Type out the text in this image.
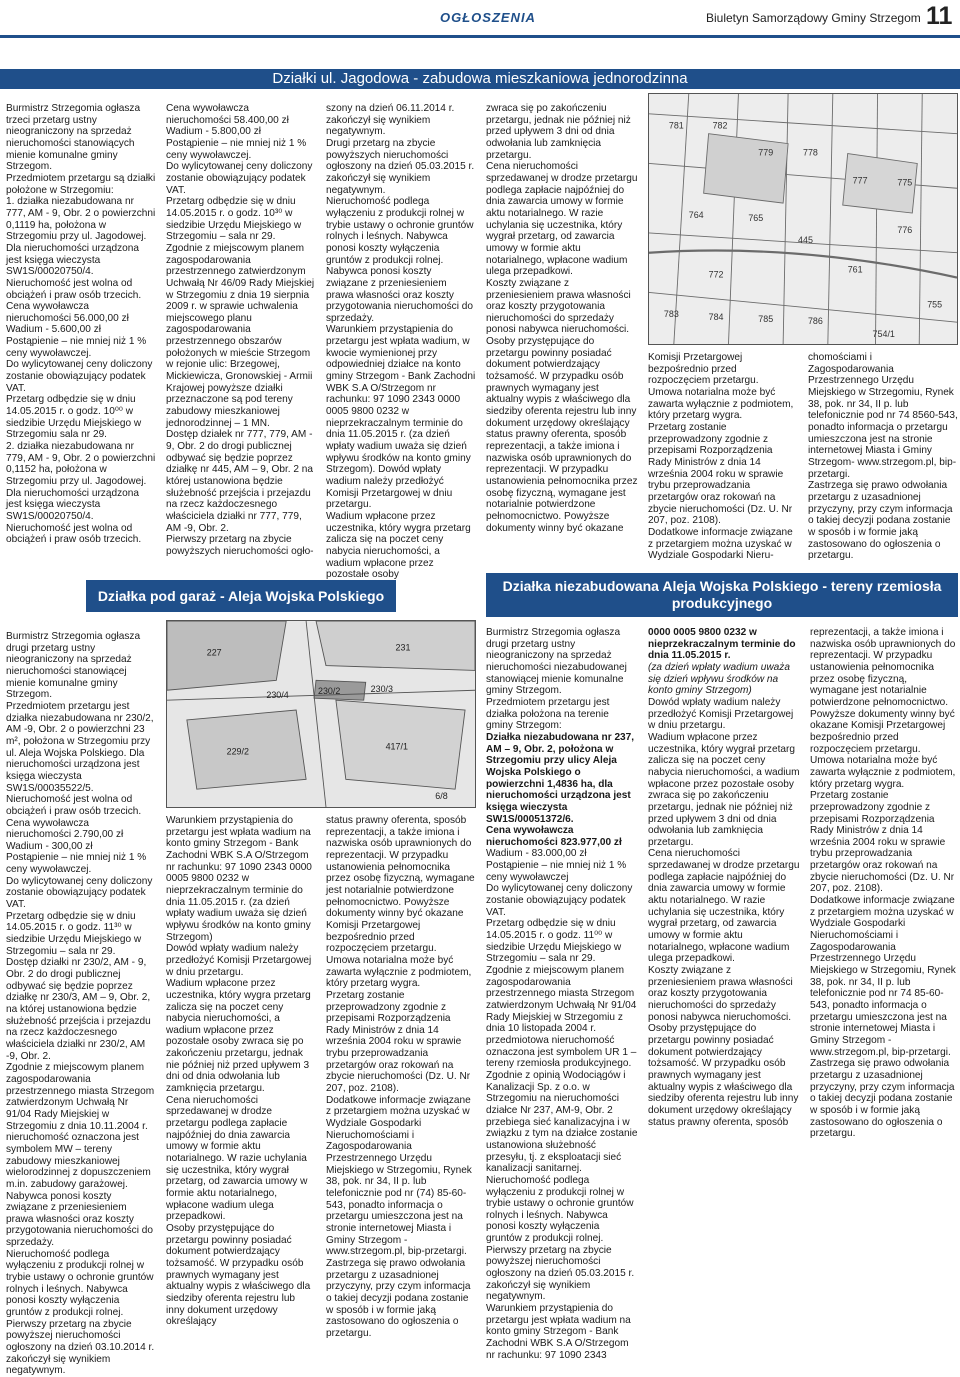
OGŁOSZENIA	Biuletyn Samorządowy Gminy Strzegom 11
Działki ul. Jagodowa - zabudowa mieszkaniowa jednorodzinna

Burmistrz Strzegomia ogłasza trzeci przetarg ustny nieograniczony na sprzedaż nieruchomości stanowiących mienie komunalne gminy Strzegom.

Przedmiotem przetargu są działki położone w Strzegomiu:

1. działka niezabudowana nr 777, AM - 9, Obr. 2 o powierzchni 0,1119 ha, położona w Strzegomiu przy ul. Jagodowej. Dla nieruchomości urządzona jest księga wieczysta SW1S/00020750/4. Nieruchomość jest wolna od obciążeń i praw osób trzecich.

Cena wywoławcza nieruchomości 56.000,00 zł

Wadium - 5.600,00 zł

Postąpienie – nie mniej niż 1 % ceny wywoławczej.

Do wylicytowanej ceny doliczony zostanie obowiązujący podatek VAT.

Przetarg odbędzie się w dniu 14.05.2015 r. o godz. 10⁰⁰ w siedzibie Urzędu Miejskiego w Strzegomiu sala nr 29.

2. działka niezabudowana nr 779, AM - 9, Obr. 2 o powierzchni 0,1152 ha, położona w Strzegomiu przy ul. Jagodowej. Dla nieruchomości urządzona jest księga wieczysta SW1S/00020750/4. Nieruchomość jest wolna od obciążeń i praw osób trzecich.

Cena wywoławcza nieruchomości 58.400,00 zł

Wadium - 5.800,00 zł

Postąpienie – nie mniej niż 1 % ceny wywoławczej.

Do wylicytowanej ceny doliczony zostanie obowiązujący podatek VAT.

Przetarg odbędzie się w dniu 14.05.2015 r. o godz. 10³⁰ w siedzibie Urzędu Miejskiego w Strzegomiu – sala nr 29.

Zgodnie z miejscowym planem zagospodarowania przestrzennego zatwierdzonym Uchwałą Nr 46/09 Rady Miejskiej w Strzegomiu z dnia 19 sierpnia 2009 r. w sprawie uchwalenia miejscowego planu zagospodarowania przestrzennego obszarów położonych w mieście Strzegom w rejonie ulic: Brzegowej, Mickiewicza, Gronowskiej - Armii Krajowej powyższe działki przeznaczone są pod tereny zabudowy mieszkaniowej jednorodzinnej – 1 MN.

Dostęp działek nr 777, 779, AM - 9, Obr. 2 do drogi publicznej odbywać się będzie poprzez działkę nr 445, AM – 9, Obr. 2 na której ustanowiona będzie służebność przejścia i przejazdu na rzecz każdoczesnego właściciela działki nr 777, 779, AM -9, Obr. 2.

Pierwszy przetarg na zbycie powyższych nieruchomości ogło-

szony na dzień 06.11.2014 r. zakończył się wynikiem negatywnym.

Drugi przetarg na zbycie powyższych nieruchomości ogłoszony na dzień 05.03.2015 r. zakończył się wynikiem negatywnym.

Nieruchomość podlega wyłączeniu z produkcji rolnej w trybie ustawy o ochronie gruntów rolnych i leśnych. Nabywca ponosi koszty wyłączenia gruntów z produkcji rolnej.

Nabywca ponosi koszty związane z przeniesieniem prawa własności oraz koszty przygotowania nieruchomości do sprzedaży.

Warunkiem przystąpienia do przetargu jest wpłata wadium, w kwocie wymienionej przy odpowiedniej działce na konto gminy Strzegom - Bank Zachodni WBK S.A O/Strzegom nr rachunku: 97 1090 2343 0000 0005 9800 0232 w nieprzekraczalnym terminie do dnia 11.05.2015 r. (za dzień wpłaty wadium uważa się dzień wpływu środków na konto gminy Strzegom). Dowód wpłaty wadium należy przedłożyć Komisji Przetargowej w dniu przetargu.

Wadium wpłacone przez uczestnika, który wygra przetarg zalicza się na poczet ceny nabycia nieruchomości, a wadium wpłacone przez pozostałe osoby

zwraca się po zakończeniu przetargu, jednak nie później niż przed upływem 3 dni od dnia odwołania lub zamknięcia przetargu.

Cena nieruchomości sprzedawanej w drodze przetargu podlega zapłacie najpóźniej do dnia zawarcia umowy w formie aktu notarialnego. W razie uchylania się uczestnika, który wygrał przetarg, od zawarcia umowy w formie aktu notarialnego, wpłacone wadium ulega przepadkowi.

Koszty związane z przeniesieniem prawa własności oraz koszty przygotowania nieruchomości do sprzedaży ponosi nabywca nieruchomości.

Osoby przystępujące do przetargu powinny posiadać dokument potwierdzający tożsamość. W przypadku osób prawnych wymagany jest aktualny wypis z właściwego dla siedziby oferenta rejestru lub inny dokument urzędowy określający status prawny oferenta, sposób reprezentacji, a także imiona i nazwiska osób uprawnionych do reprezentacji. W przypadku ustanowienia pełnomocnika przez osobę fizyczną, wymagane jest notarialnie potwierdzone pełnomocnictwo. Powyższe dokumenty winny być okazane

781	782
779	778
777	775
776
445
764	765
761
772
783	784	785	786
754/1
755

Komisji Przetargowej bezpośrednio przed rozpoczęciem przetargu.

Umowa notarialna może być zawarta wyłącznie z podmiotem, który przetarg wygra.

Przetarg zostanie przeprowadzony zgodnie z przepisami Rozporządzenia Rady Ministrów z dnia 14 września 2004 roku w sprawie trybu przeprowadzania przetargów oraz rokowań na zbycie nieruchomości (Dz. U. Nr 207, poz. 2108).

Dodatkowe informacje związane z przetargiem można uzyskać w Wydziale Gospodarki Nieru-

chomościami i Zagospodarowania Przestrzennego Urzędu Miejskiego w Strzegomiu, Rynek 38, pok. nr 34, II p. lub telefonicznie pod nr 74 8560-543, ponadto informacja o przetargu umieszczona jest na stronie internetowej Miasta i Gminy Strzegom- www.strzegom.pl, bip-przetargi.

Zastrzega się prawo odwołania przetargu z uzasadnionej przyczyny, przy czym informacja o takiej decyzji podana zostanie w sposób i w formie jaką zastosowano do ogłoszenia o przetargu.

Działka pod garaż - Aleja Wojska Polskiego
Działka niezabudowana Aleja Wojska Polskiego - tereny rzemiosła produkcyjnego

Burmistrz Strzegomia ogłasza drugi przetarg ustny nieograniczony na sprzedaż nieruchomości stanowiącej mienie komunalne gminy Strzegom.

Przedmiotem przetargu jest działka niezabudowana nr 230/2, AM -9, Obr. 2 o powierzchni 23 m², położona w Strzegomiu przy ul. Aleja Wojska Polskiego. Dla nieruchomości urządzona jest księga wieczysta SW1S/00035522/5. Nieruchomość jest wolna od obciążeń i praw osób trzecich.

Cena wywoławcza nieruchomości 2.790,00 zł

Wadium - 300,00 zł

Postąpienie – nie mniej niż 1 % ceny wywoławczej.

Do wylicytowanej ceny doliczony zostanie obowiązujący podatek VAT.

Przetarg odbędzie się w dniu 14.05.2015 r. o godz. 11³⁰ w siedzibie Urzędu Miejskiego w Strzegomiu – sala nr 29.

Dostęp działki nr 230/2, AM - 9, Obr. 2 do drogi publicznej odbywać się będzie poprzez działkę nr 230/3, AM – 9, Obr. 2, na której ustanowiona będzie służebność przejścia i przejazdu na rzecz każdoczesnego właściciela działki nr 230/2, AM -9, Obr. 2.

Zgodnie z miejscowym planem zagospodarowania przestrzennego miasta Strzegom zatwierdzonym Uchwałą Nr 91/04 Rady Miejskiej w Strzegomiu z dnia 10.11.2004 r. nieruchomość oznaczona jest symbolem MW – tereny zabudowy mieszkaniowej wielorodzinnej z dopuszczeniem m.in. zabudowy garażowej.

Nabywca ponosi koszty związane z przeniesieniem prawa własności oraz koszty przygotowania nieruchomości do sprzedaży.

Nieruchomość podlega wyłączeniu z produkcji rolnej w trybie ustawy o ochronie gruntów rolnych i leśnych. Nabywca ponosi koszty wyłączenia gruntów z produkcji rolnej.

Pierwszy przetarg na zbycie powyższej nieruchomości ogłoszony na dzień 03.10.2014 r. zakończył się wynikiem negatywnym.

230/2	230/3
230/4
231
227
229/2	417/1
6/8

Warunkiem przystąpienia do przetargu jest wpłata wadium na konto gminy Strzegom - Bank Zachodni WBK S.A O/Strzegom nr rachunku: 97 1090 2343 0000 0005 9800 0232 w nieprzekraczalnym terminie do dnia 11.05.2015 r. (za dzień wpłaty wadium uważa się dzień wpływu środków na konto gminy Strzegom)

Dowód wpłaty wadium należy przedłożyć Komisji Przetargowej w dniu przetargu.

Wadium wpłacone przez uczestnika, który wygra przetarg zalicza się na poczet ceny nabycia nieruchomości, a wadium wpłacone przez pozostałe osoby zwraca się po zakończeniu przetargu, jednak nie później niż przed upływem 3 dni od dnia odwołania lub zamknięcia przetargu.

Cena nieruchomości sprzedawanej w drodze przetargu podlega zapłacie najpóźniej do dnia zawarcia umowy w formie aktu notarialnego. W razie uchylania się uczestnika, który wygrał przetarg, od zawarcia umowy w formie aktu notarialnego, wpłacone wadium ulega przepadkowi.

Osoby przystępujące do przetargu powinny posiadać dokument potwierdzający tożsamość. W przypadku osób prawnych wymagany jest aktualny wypis z właściwego dla siedziby oferenta rejestru lub inny dokument urzędowy określający

status prawny oferenta, sposób reprezentacji, a także imiona i nazwiska osób uprawnionych do reprezentacji. W przypadku ustanowienia pełnomocnika przez osobę fizyczną, wymagane jest notarialnie potwierdzone pełnomocnictwo. Powyższe dokumenty winny być okazane Komisji Przetargowej bezpośrednio przed rozpoczęciem przetargu.

Umowa notarialna może być zawarta wyłącznie z podmiotem, który przetarg wygra.

Przetarg zostanie przeprowadzony zgodnie z przepisami Rozporządzenia Rady Ministrów z dnia 14 września 2004 roku w sprawie trybu przeprowadzania przetargów oraz rokowań na zbycie nieruchomości (Dz. U. Nr 207, poz. 2108).

Dodatkowe informacje związane z przetargiem można uzyskać w Wydziale Gospodarki Nieruchomościami i Zagospodarowania Przestrzennego Urzędu Miejskiego w Strzegomiu, Rynek 38, pok. nr 34, II p. lub telefonicznie pod nr (74) 85-60-543, ponadto informacja o przetargu umieszczona jest na stronie internetowej Miasta i Gminy Strzegom - www.strzegom.pl, bip-przetargi.

Zastrzega się prawo odwołania przetargu z uzasadnionej przyczyny, przy czym informacja o takiej decyzji podana zostanie w sposób i w formie jaką zastosowano do ogłoszenia o przetargu.

Burmistrz Strzegomia ogłasza drugi przetarg ustny nieograniczony na sprzedaż nieruchomości niezabudowanej stanowiącej mienie komunalne gminy Strzegom.

Przedmiotem przetargu jest działka położona na terenie gminy Strzegom:

Działka niezabudowana nr 237, AM – 9, Obr. 2, położona w Strzegomiu przy ulicy Aleja Wojska Polskiego o powierzchni 1,4836 ha, dla nieruchomości urządzona jest księga wieczysta SW1S/00051372/6.

Cena wywoławcza nieruchomości 823.977,00 zł

Wadium - 83.000,00 zł

Postąpienie – nie mniej niż 1 % ceny wywoławczej

Do wylicytowanej ceny doliczony zostanie obowiązujący podatek VAT.

Przetarg odbędzie się w dniu 14.05.2015 r. o godz. 11⁰⁰ w siedzibie Urzędu Miejskiego w Strzegomiu – sala nr 29.

Zgodnie z miejscowym planem zagospodarowania przestrzennego miasta Strzegom zatwierdzonym Uchwałą Nr 91/04 Rady Miejskiej w Strzegomiu z dnia 10 listopada 2004 r. przedmiotowa nieruchomość oznaczona jest symbolem UR 1 – tereny rzemiosła produkcyjnego.

Zgodnie z opinią Wodociągów i Kanalizacji Sp. z o.o. w Strzegomiu na nieruchomości działce Nr 237, AM-9, Obr. 2 przebiega sieć kanalizacyjna i w związku z tym na działce zostanie ustanowiona służebność przesyłu, tj. z eksploatacji sieć kanalizacji sanitarnej.

Nieruchomość podlega wyłączeniu z produkcji rolnej w trybie ustawy o ochronie gruntów rolnych i leśnych. Nabywca ponosi koszty wyłączenia gruntów z produkcji rolnej.

Pierwszy przetarg na zbycie powyższej nieruchomości ogłoszony na dzień 05.03.2015 r. zakończył się wynikiem negatywnym.

Warunkiem przystąpienia do przetargu jest wpłata wadium na konto gminy Strzegom - Bank Zachodni WBK S.A O/Strzegom nr rachunku: 97 1090 2343

0000 0005 9800 0232 w nieprzekraczalnym terminie do dnia 11.05.2015 r.

(za dzień wpłaty wadium uważa się dzień wpływu środków na konto gminy Strzegom)

Dowód wpłaty wadium należy przedłożyć Komisji Przetargowej w dniu przetargu.

Wadium wpłacone przez uczestnika, który wygrał przetarg zalicza się na poczet ceny nabycia nieruchomości, a wadium wpłacone przez pozostałe osoby zwraca się po zakończeniu przetargu, jednak nie później niż przed upływem 3 dni od dnia odwołania lub zamknięcia przetargu.

Cena nieruchomości sprzedawanej w drodze przetargu podlega zapłacie najpóźniej do dnia zawarcia umowy w formie aktu notarialnego. W razie uchylania się uczestnika, który wygrał przetarg, od zawarcia umowy w formie aktu notarialnego, wpłacone wadium ulega przepadkowi.

Koszty związane z przeniesieniem prawa własności oraz koszty przygotowania nieruchomości do sprzedaży ponosi nabywca nieruchomości.

Osoby przystępujące do przetargu powinny posiadać dokument potwierdzający tożsamość. W przypadku osób prawnych wymagany jest aktualny wypis z właściwego dla siedziby oferenta rejestru lub inny dokument urzędowy określający status prawny oferenta, sposób

reprezentacji, a także imiona i nazwiska osób uprawnionych do reprezentacji. W przypadku ustanowienia pełnomocnika przez osobę fizyczną, wymagane jest notarialnie potwierdzone pełnomocnictwo. Powyższe dokumenty winny być okazane Komisji Przetargowej bezpośrednio przed rozpoczęciem przetargu.

Umowa notarialna może być zawarta wyłącznie z podmiotem, który przetarg wygra.

Przetarg zostanie przeprowadzony zgodnie z przepisami Rozporządzenia Rady Ministrów z dnia 14 września 2004 roku w sprawie trybu przeprowadzania przetargów oraz rokowań na zbycie nieruchomości (Dz. U. Nr 207, poz. 2108).

Dodatkowe informacje związane z przetargiem można uzyskać w Wydziale Gospodarki Nieruchomościami i Zagospodarowania Przestrzennego Urzędu Miejskiego w Strzegomiu, Rynek 38, pok. nr 34, II p. lub telefonicznie pod nr 74 85-60-543, ponadto informacja o przetargu umieszczona jest na stronie internetowej Miasta i Gminy Strzegom - www.strzegom.pl, bip-przetargi.

Zastrzega się prawo odwołania przetargu z uzasadnionej przyczyny, przy czym informacja o takiej decyzji podana zostanie w sposób i w formie jaką zastosowano do ogłoszenia o przetargu.
